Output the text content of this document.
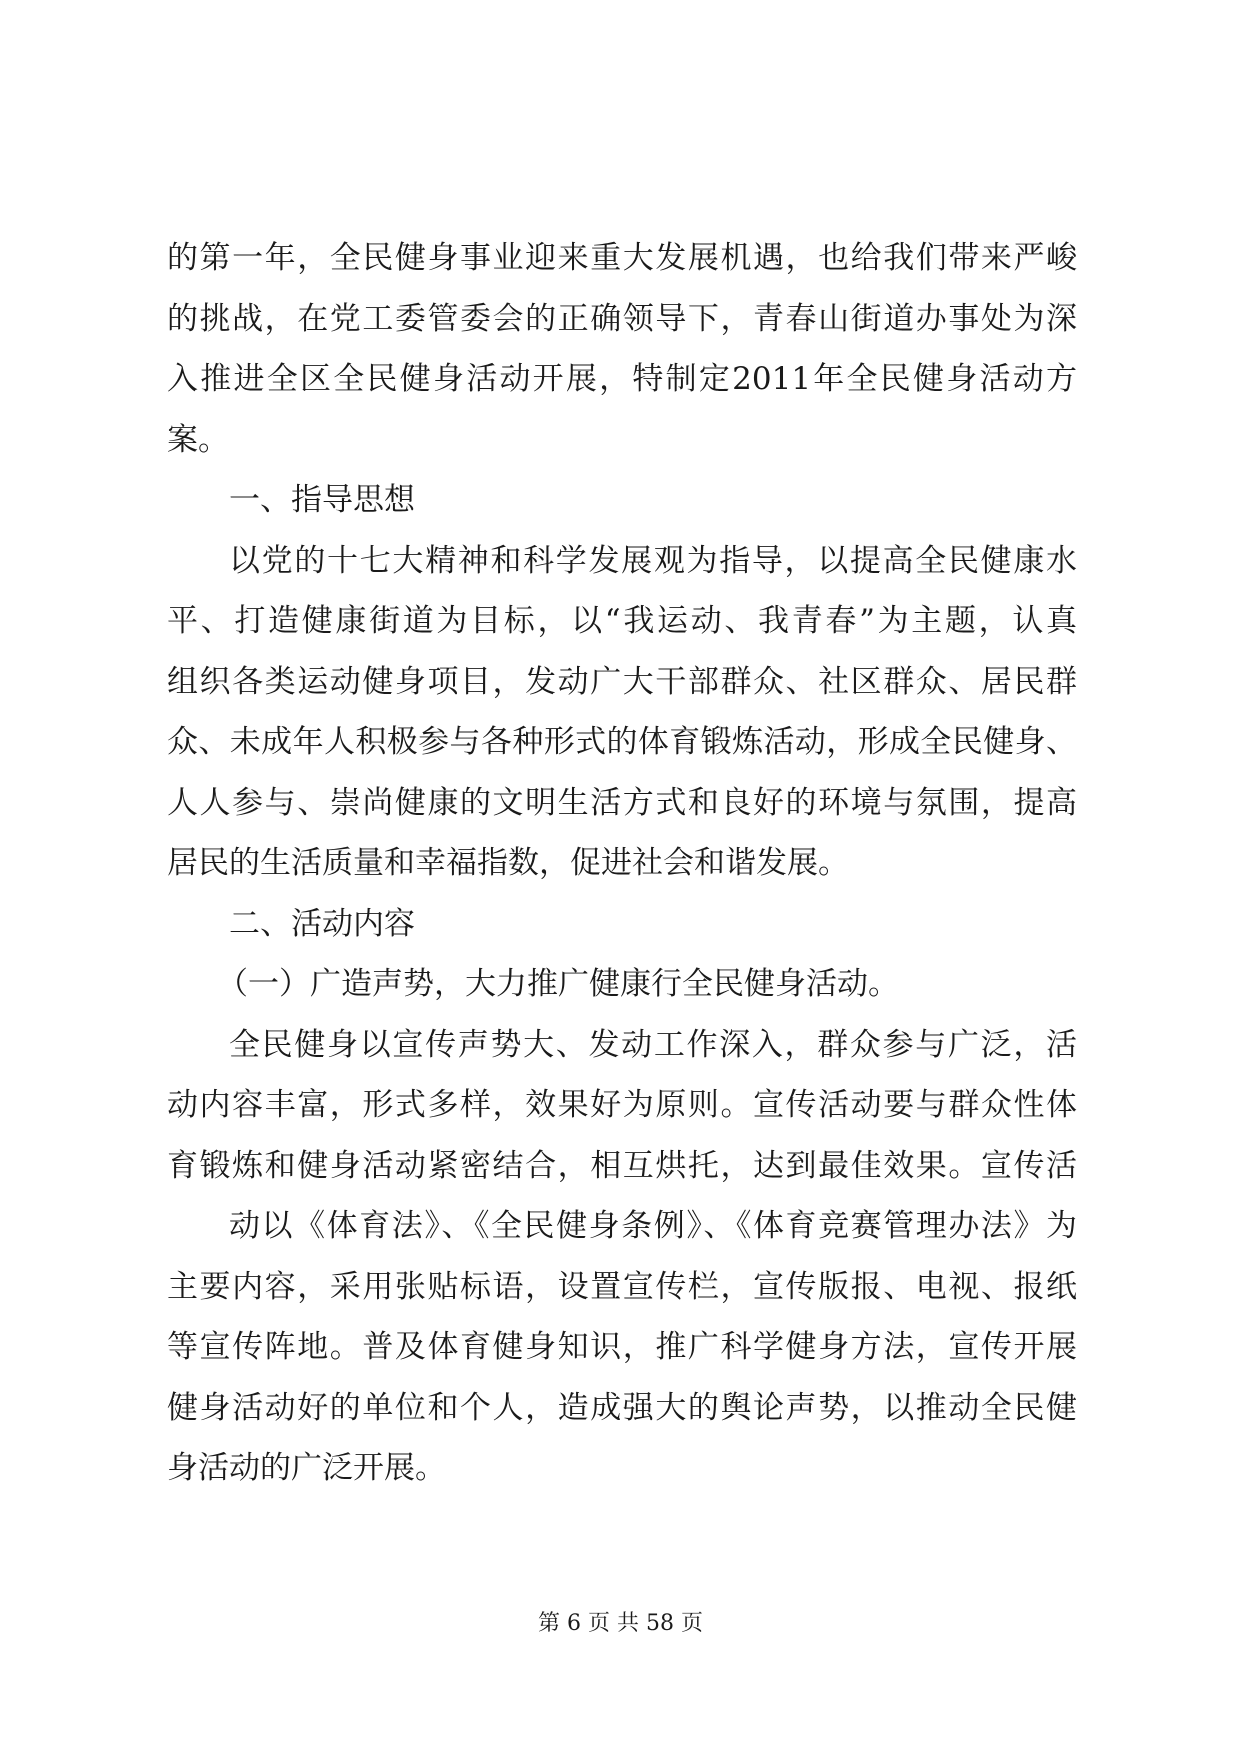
的第一年，全民健身事业迎来重大发展机遇，也给我们带来严峻
的挑战，在党工委管委会的正确领导下，青春山街道办事处为深
入推进全区全民健身活动开展，特制定2011年全民健身活动方
案。
一、指导思想
以党的十七大精神和科学发展观为指导，以提高全民健康水
平、打造健康街道为目标，以“我运动、我青春”为主题，认真
组织各类运动健身项目，发动广大干部群众、社区群众、居民群
众、未成年人积极参与各种形式的体育锻炼活动，形成全民健身、
人人参与、崇尚健康的文明生活方式和良好的环境与氛围，提高
居民的生活质量和幸福指数，促进社会和谐发展。
二、活动内容
（一）广造声势，大力推广健康行全民健身活动。
全民健身以宣传声势大、发动工作深入，群众参与广泛，活
动内容丰富，形式多样，效果好为原则。宣传活动要与群众性体
育锻炼和健身活动紧密结合，相互烘托，达到最佳效果。宣传活
动以《体育法》、《全民健身条例》、《体育竞赛管理办法》为
主要内容，采用张贴标语，设置宣传栏，宣传版报、电视、报纸
等宣传阵地。普及体育健身知识，推广科学健身方法，宣传开展
健身活动好的单位和个人，造成强大的舆论声势，以推动全民健
身活动的广泛开展。
第 6 页 共 58 页
